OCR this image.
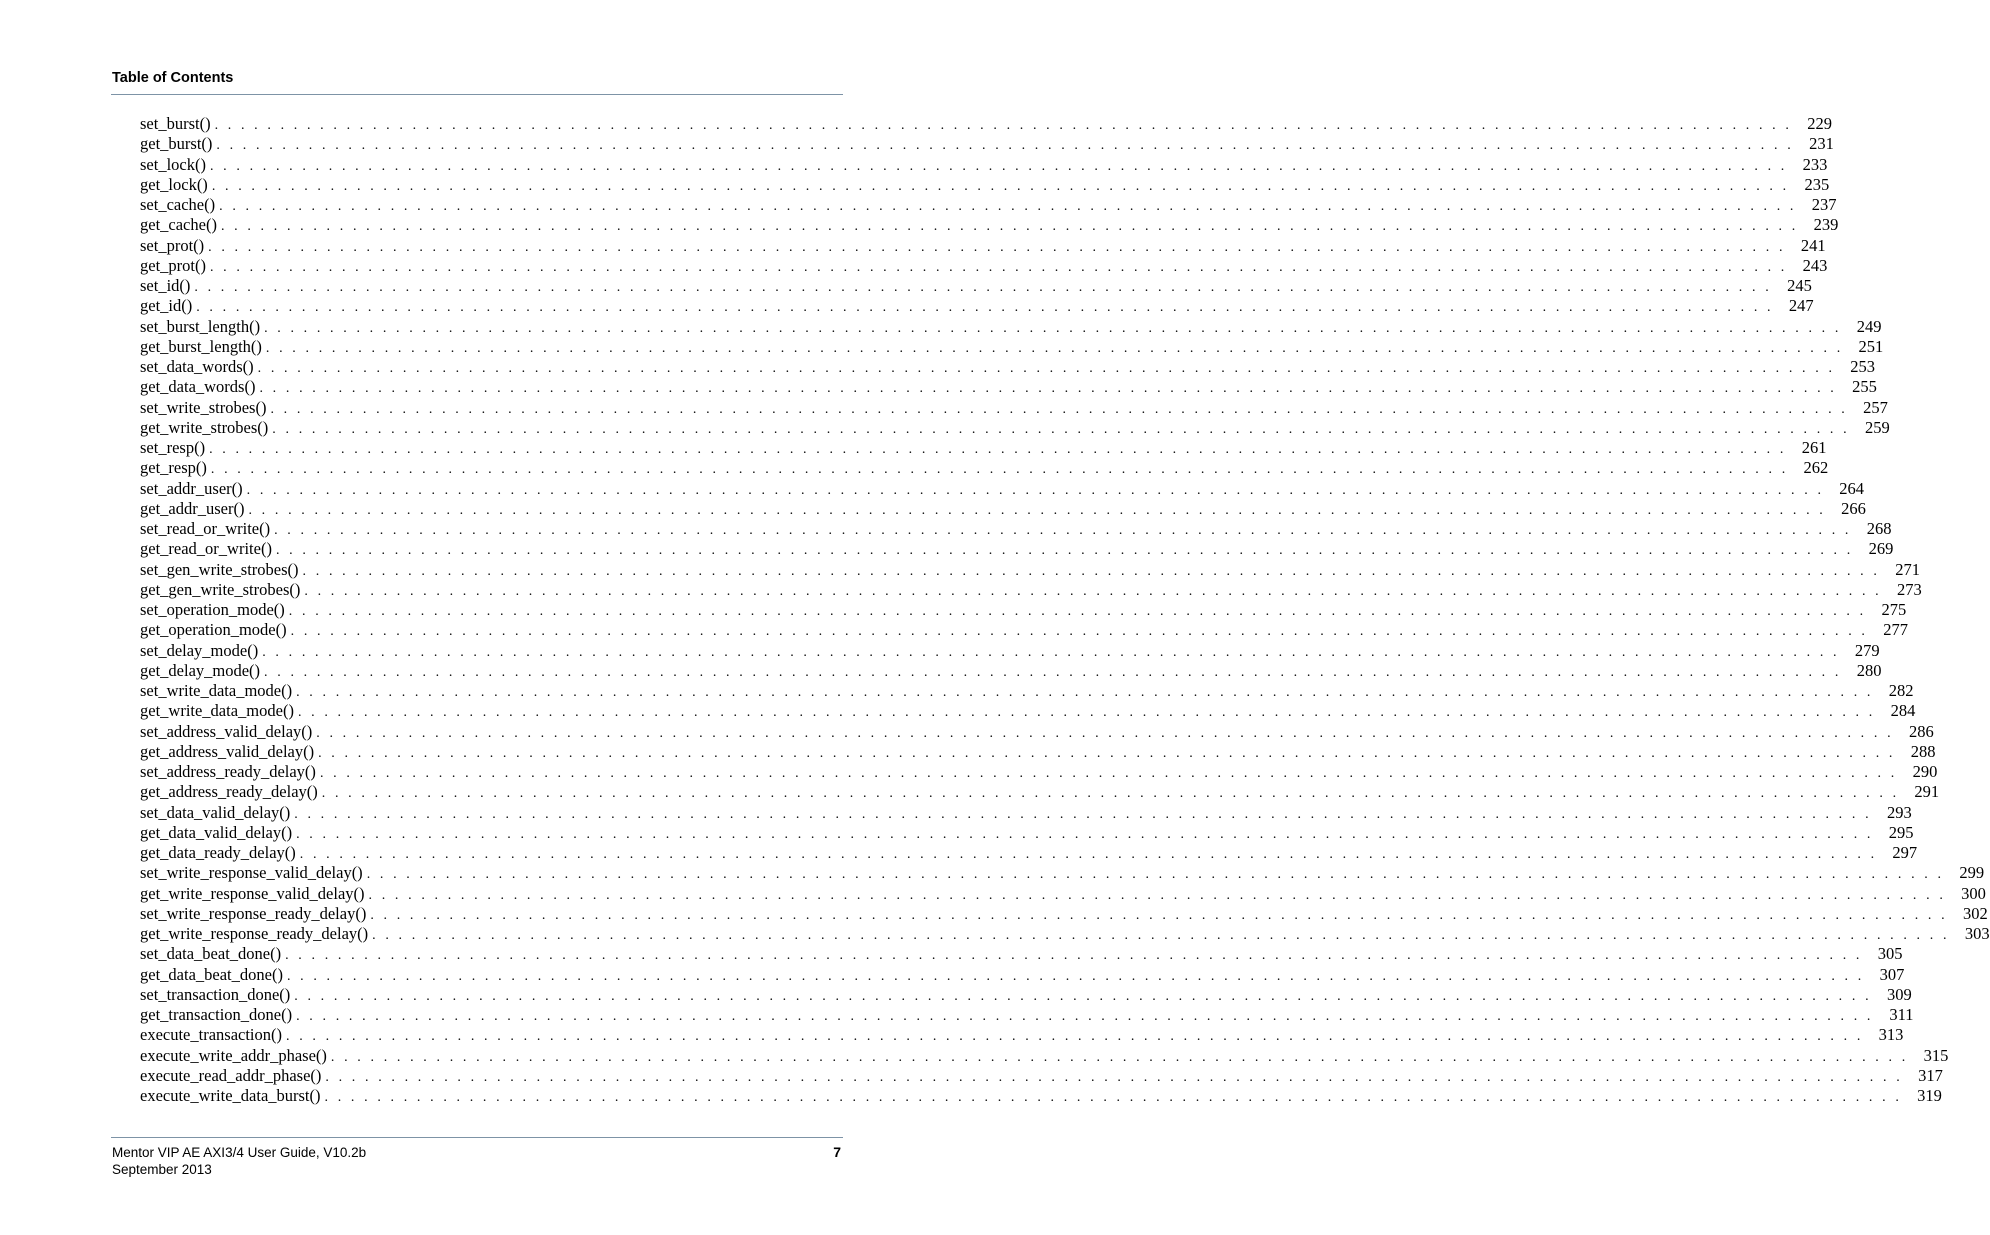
Table of Contents
set_burst() . . . . . . . . . . . . . . . . . . . . . . . . . . . . . . . . . . . . . . . . . . . . . . . . . . . . . . . . . . . . . . . . . . . . . . . . . . . . . . . . . . . . . . . . . . . . . . . . . . . . . . . . . . . . . . . . . . . . . . . . 229
get_burst() . . . . . . . . . . . . . . . . . . . . . . . . . . . . . . . . . . . . . . . . . . . . . . . . . . . . . . . . . . . . . . . . . . . . . . . . . . . . . . . . . . . . . . . . . . . . . . . . . . . . . . . . . . . . . . . . . . . . . . . . 231
set_lock() . . . . . . . . . . . . . . . . . . . . . . . . . . . . . . . . . . . . . . . . . . . . . . . . . . . . . . . . . . . . . . . . . . . . . . . . . . . . . . . . . . . . . . . . . . . . . . . . . . . . . . . . . . . . . . . . . . . . . . . . 233
get_lock() . . . . . . . . . . . . . . . . . . . . . . . . . . . . . . . . . . . . . . . . . . . . . . . . . . . . . . . . . . . . . . . . . . . . . . . . . . . . . . . . . . . . . . . . . . . . . . . . . . . . . . . . . . . . . . . . . . . . . . . . 235
set_cache() . . . . . . . . . . . . . . . . . . . . . . . . . . . . . . . . . . . . . . . . . . . . . . . . . . . . . . . . . . . . . . . . . . . . . . . . . . . . . . . . . . . . . . . . . . . . . . . . . . . . . . . . . . . . . . . . . . . . . . . . 237
get_cache() . . . . . . . . . . . . . . . . . . . . . . . . . . . . . . . . . . . . . . . . . . . . . . . . . . . . . . . . . . . . . . . . . . . . . . . . . . . . . . . . . . . . . . . . . . . . . . . . . . . . . . . . . . . . . . . . . . . . . . . . 239
set_prot() . . . . . . . . . . . . . . . . . . . . . . . . . . . . . . . . . . . . . . . . . . . . . . . . . . . . . . . . . . . . . . . . . . . . . . . . . . . . . . . . . . . . . . . . . . . . . . . . . . . . . . . . . . . . . . . . . . . . . . . . 241
get_prot() . . . . . . . . . . . . . . . . . . . . . . . . . . . . . . . . . . . . . . . . . . . . . . . . . . . . . . . . . . . . . . . . . . . . . . . . . . . . . . . . . . . . . . . . . . . . . . . . . . . . . . . . . . . . . . . . . . . . . . . . 243
set_id() . . . . . . . . . . . . . . . . . . . . . . . . . . . . . . . . . . . . . . . . . . . . . . . . . . . . . . . . . . . . . . . . . . . . . . . . . . . . . . . . . . . . . . . . . . . . . . . . . . . . . . . . . . . . . . . . . . . . . . . . 245
get_id() . . . . . . . . . . . . . . . . . . . . . . . . . . . . . . . . . . . . . . . . . . . . . . . . . . . . . . . . . . . . . . . . . . . . . . . . . . . . . . . . . . . . . . . . . . . . . . . . . . . . . . . . . . . . . . . . . . . . . . . . 247
set_burst_length() . . . . . . . . . . . . . . . . . . . . . . . . . . . . . . . . . . . . . . . . . . . . . . . . . . . . . . . . . . . . . . . . . . . . . . . . . . . . . . . . . . . . . . . . . . . . . . . . . . . . . . . . . . . . . . . . . . . . . . . . 249
get_burst_length() . . . . . . . . . . . . . . . . . . . . . . . . . . . . . . . . . . . . . . . . . . . . . . . . . . . . . . . . . . . . . . . . . . . . . . . . . . . . . . . . . . . . . . . . . . . . . . . . . . . . . . . . . . . . . . . . . . . . . . . . 251
set_data_words() . . . . . . . . . . . . . . . . . . . . . . . . . . . . . . . . . . . . . . . . . . . . . . . . . . . . . . . . . . . . . . . . . . . . . . . . . . . . . . . . . . . . . . . . . . . . . . . . . . . . . . . . . . . . . . . . . . . . . . . . 253
get_data_words() . . . . . . . . . . . . . . . . . . . . . . . . . . . . . . . . . . . . . . . . . . . . . . . . . . . . . . . . . . . . . . . . . . . . . . . . . . . . . . . . . . . . . . . . . . . . . . . . . . . . . . . . . . . . . . . . . . . . . . . . 255
set_write_strobes() . . . . . . . . . . . . . . . . . . . . . . . . . . . . . . . . . . . . . . . . . . . . . . . . . . . . . . . . . . . . . . . . . . . . . . . . . . . . . . . . . . . . . . . . . . . . . . . . . . . . . . . . . . . . . . . . . . . . . . . . 257
get_write_strobes() . . . . . . . . . . . . . . . . . . . . . . . . . . . . . . . . . . . . . . . . . . . . . . . . . . . . . . . . . . . . . . . . . . . . . . . . . . . . . . . . . . . . . . . . . . . . . . . . . . . . . . . . . . . . . . . . . . . . . . . . 259
set_resp() . . . . . . . . . . . . . . . . . . . . . . . . . . . . . . . . . . . . . . . . . . . . . . . . . . . . . . . . . . . . . . . . . . . . . . . . . . . . . . . . . . . . . . . . . . . . . . . . . . . . . . . . . . . . . . . . . . . . . . . . 261
get_resp() . . . . . . . . . . . . . . . . . . . . . . . . . . . . . . . . . . . . . . . . . . . . . . . . . . . . . . . . . . . . . . . . . . . . . . . . . . . . . . . . . . . . . . . . . . . . . . . . . . . . . . . . . . . . . . . . . . . . . . . . 262
set_addr_user() . . . . . . . . . . . . . . . . . . . . . . . . . . . . . . . . . . . . . . . . . . . . . . . . . . . . . . . . . . . . . . . . . . . . . . . . . . . . . . . . . . . . . . . . . . . . . . . . . . . . . . . . . . . . . . . . . . . . . . . . 264
get_addr_user() . . . . . . . . . . . . . . . . . . . . . . . . . . . . . . . . . . . . . . . . . . . . . . . . . . . . . . . . . . . . . . . . . . . . . . . . . . . . . . . . . . . . . . . . . . . . . . . . . . . . . . . . . . . . . . . . . . . . . . . . 266
set_read_or_write() . . . . . . . . . . . . . . . . . . . . . . . . . . . . . . . . . . . . . . . . . . . . . . . . . . . . . . . . . . . . . . . . . . . . . . . . . . . . . . . . . . . . . . . . . . . . . . . . . . . . . . . . . . . . . . . . . . . . . . . . 268
get_read_or_write() . . . . . . . . . . . . . . . . . . . . . . . . . . . . . . . . . . . . . . . . . . . . . . . . . . . . . . . . . . . . . . . . . . . . . . . . . . . . . . . . . . . . . . . . . . . . . . . . . . . . . . . . . . . . . . . . . . . . . . . . 269
set_gen_write_strobes() . . . . . . . . . . . . . . . . . . . . . . . . . . . . . . . . . . . . . . . . . . . . . . . . . . . . . . . . . . . . . . . . . . . . . . . . . . . . . . . . . . . . . . . . . . . . . . . . . . . . . . . . . . . . . . . . . . . . . . . . 271
get_gen_write_strobes() . . . . . . . . . . . . . . . . . . . . . . . . . . . . . . . . . . . . . . . . . . . . . . . . . . . . . . . . . . . . . . . . . . . . . . . . . . . . . . . . . . . . . . . . . . . . . . . . . . . . . . . . . . . . . . . . . . . . . . . . 273
set_operation_mode() . . . . . . . . . . . . . . . . . . . . . . . . . . . . . . . . . . . . . . . . . . . . . . . . . . . . . . . . . . . . . . . . . . . . . . . . . . . . . . . . . . . . . . . . . . . . . . . . . . . . . . . . . . . . . . . . . . . . . . . . 275
get_operation_mode() . . . . . . . . . . . . . . . . . . . . . . . . . . . . . . . . . . . . . . . . . . . . . . . . . . . . . . . . . . . . . . . . . . . . . . . . . . . . . . . . . . . . . . . . . . . . . . . . . . . . . . . . . . . . . . . . . . . . . . . . 277
set_delay_mode() . . . . . . . . . . . . . . . . . . . . . . . . . . . . . . . . . . . . . . . . . . . . . . . . . . . . . . . . . . . . . . . . . . . . . . . . . . . . . . . . . . . . . . . . . . . . . . . . . . . . . . . . . . . . . . . . . . . . . . . . 279
get_delay_mode() . . . . . . . . . . . . . . . . . . . . . . . . . . . . . . . . . . . . . . . . . . . . . . . . . . . . . . . . . . . . . . . . . . . . . . . . . . . . . . . . . . . . . . . . . . . . . . . . . . . . . . . . . . . . . . . . . . . . . . . . 280
set_write_data_mode() . . . . . . . . . . . . . . . . . . . . . . . . . . . . . . . . . . . . . . . . . . . . . . . . . . . . . . . . . . . . . . . . . . . . . . . . . . . . . . . . . . . . . . . . . . . . . . . . . . . . . . . . . . . . . . . . . . . . . . . . 282
get_write_data_mode() . . . . . . . . . . . . . . . . . . . . . . . . . . . . . . . . . . . . . . . . . . . . . . . . . . . . . . . . . . . . . . . . . . . . . . . . . . . . . . . . . . . . . . . . . . . . . . . . . . . . . . . . . . . . . . . . . . . . . . . . 284
set_address_valid_delay() . . . . . . . . . . . . . . . . . . . . . . . . . . . . . . . . . . . . . . . . . . . . . . . . . . . . . . . . . . . . . . . . . . . . . . . . . . . . . . . . . . . . . . . . . . . . . . . . . . . . . . . . . . . . . . . . . . . . . . . . 286
get_address_valid_delay() . . . . . . . . . . . . . . . . . . . . . . . . . . . . . . . . . . . . . . . . . . . . . . . . . . . . . . . . . . . . . . . . . . . . . . . . . . . . . . . . . . . . . . . . . . . . . . . . . . . . . . . . . . . . . . . . . . . . . . . . 288
set_address_ready_delay() . . . . . . . . . . . . . . . . . . . . . . . . . . . . . . . . . . . . . . . . . . . . . . . . . . . . . . . . . . . . . . . . . . . . . . . . . . . . . . . . . . . . . . . . . . . . . . . . . . . . . . . . . . . . . . . . . . . . . . . . 290
get_address_ready_delay() . . . . . . . . . . . . . . . . . . . . . . . . . . . . . . . . . . . . . . . . . . . . . . . . . . . . . . . . . . . . . . . . . . . . . . . . . . . . . . . . . . . . . . . . . . . . . . . . . . . . . . . . . . . . . . . . . . . . . . . . 291
set_data_valid_delay() . . . . . . . . . . . . . . . . . . . . . . . . . . . . . . . . . . . . . . . . . . . . . . . . . . . . . . . . . . . . . . . . . . . . . . . . . . . . . . . . . . . . . . . . . . . . . . . . . . . . . . . . . . . . . . . . . . . . . . . . 293
get_data_valid_delay() . . . . . . . . . . . . . . . . . . . . . . . . . . . . . . . . . . . . . . . . . . . . . . . . . . . . . . . . . . . . . . . . . . . . . . . . . . . . . . . . . . . . . . . . . . . . . . . . . . . . . . . . . . . . . . . . . . . . . . . . 295
get_data_ready_delay() . . . . . . . . . . . . . . . . . . . . . . . . . . . . . . . . . . . . . . . . . . . . . . . . . . . . . . . . . . . . . . . . . . . . . . . . . . . . . . . . . . . . . . . . . . . . . . . . . . . . . . . . . . . . . . . . . . . . . . . . 297
set_write_response_valid_delay() . . . . . . . . . . . . . . . . . . . . . . . . . . . . . . . . . . . . . . . . . . . . . . . . . . . . . . . . . . . . . . . . . . . . . . . . . . . . . . . . . . . . . . . . . . . . . . . . . . . . . . . . . . . . . . . . . . . . . . . . 299
get_write_response_valid_delay() . . . . . . . . . . . . . . . . . . . . . . . . . . . . . . . . . . . . . . . . . . . . . . . . . . . . . . . . . . . . . . . . . . . . . . . . . . . . . . . . . . . . . . . . . . . . . . . . . . . . . . . . . . . . . . . . . . . . . . . . 300
set_write_response_ready_delay() . . . . . . . . . . . . . . . . . . . . . . . . . . . . . . . . . . . . . . . . . . . . . . . . . . . . . . . . . . . . . . . . . . . . . . . . . . . . . . . . . . . . . . . . . . . . . . . . . . . . . . . . . . . . . . . . . . . . . . . . 302
get_write_response_ready_delay() . . . . . . . . . . . . . . . . . . . . . . . . . . . . . . . . . . . . . . . . . . . . . . . . . . . . . . . . . . . . . . . . . . . . . . . . . . . . . . . . . . . . . . . . . . . . . . . . . . . . . . . . . . . . . . . . . . . . . . . . 303
set_data_beat_done() . . . . . . . . . . . . . . . . . . . . . . . . . . . . . . . . . . . . . . . . . . . . . . . . . . . . . . . . . . . . . . . . . . . . . . . . . . . . . . . . . . . . . . . . . . . . . . . . . . . . . . . . . . . . . . . . . . . . . . . . 305
get_data_beat_done() . . . . . . . . . . . . . . . . . . . . . . . . . . . . . . . . . . . . . . . . . . . . . . . . . . . . . . . . . . . . . . . . . . . . . . . . . . . . . . . . . . . . . . . . . . . . . . . . . . . . . . . . . . . . . . . . . . . . . . . . 307
set_transaction_done() . . . . . . . . . . . . . . . . . . . . . . . . . . . . . . . . . . . . . . . . . . . . . . . . . . . . . . . . . . . . . . . . . . . . . . . . . . . . . . . . . . . . . . . . . . . . . . . . . . . . . . . . . . . . . . . . . . . . . . . . 309
get_transaction_done() . . . . . . . . . . . . . . . . . . . . . . . . . . . . . . . . . . . . . . . . . . . . . . . . . . . . . . . . . . . . . . . . . . . . . . . . . . . . . . . . . . . . . . . . . . . . . . . . . . . . . . . . . . . . . . . . . . . . . . . . 311
execute_transaction() . . . . . . . . . . . . . . . . . . . . . . . . . . . . . . . . . . . . . . . . . . . . . . . . . . . . . . . . . . . . . . . . . . . . . . . . . . . . . . . . . . . . . . . . . . . . . . . . . . . . . . . . . . . . . . . . . . . . . . . . 313
execute_write_addr_phase() . . . . . . . . . . . . . . . . . . . . . . . . . . . . . . . . . . . . . . . . . . . . . . . . . . . . . . . . . . . . . . . . . . . . . . . . . . . . . . . . . . . . . . . . . . . . . . . . . . . . . . . . . . . . . . . . . . . . . . . . 315
execute_read_addr_phase() . . . . . . . . . . . . . . . . . . . . . . . . . . . . . . . . . . . . . . . . . . . . . . . . . . . . . . . . . . . . . . . . . . . . . . . . . . . . . . . . . . . . . . . . . . . . . . . . . . . . . . . . . . . . . . . . . . . . . . . . 317
execute_write_data_burst() . . . . . . . . . . . . . . . . . . . . . . . . . . . . . . . . . . . . . . . . . . . . . . . . . . . . . . . . . . . . . . . . . . . . . . . . . . . . . . . . . . . . . . . . . . . . . . . . . . . . . . . . . . . . . . . . . . . . . . . . 319
Mentor VIP AE AXI3/4 User Guide, V10.2b
September 2013
7
